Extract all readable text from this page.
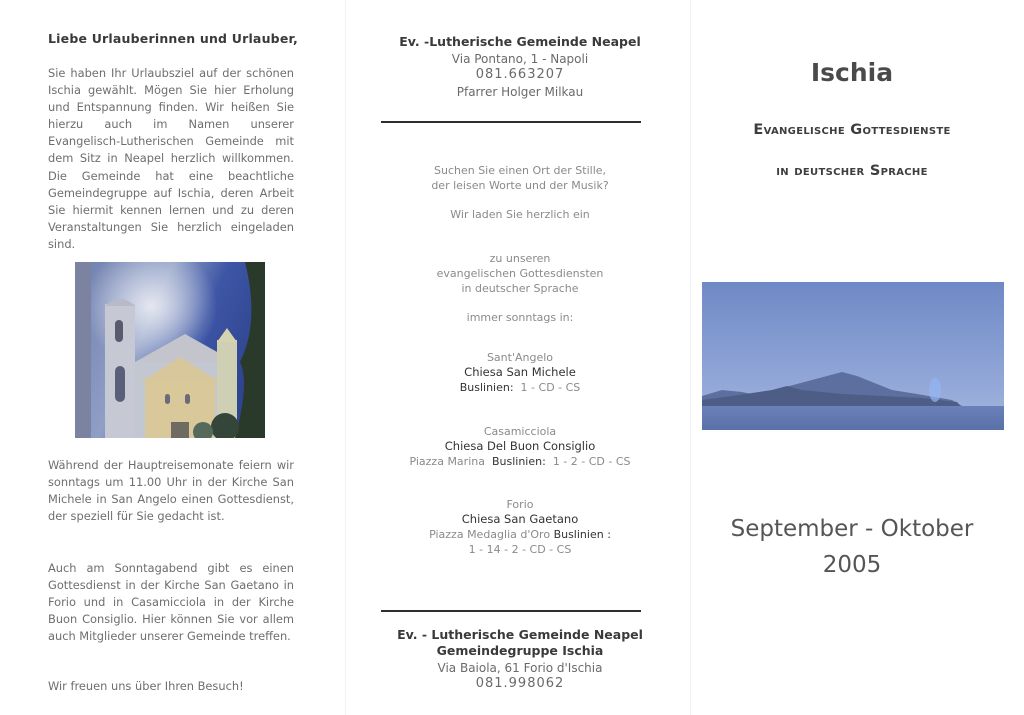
Liebe Urlauberinnen und Urlauber,
Sie haben Ihr Urlaubsziel auf der schönen Ischia gewählt. Mögen Sie hier Erholung und Entspannung finden. Wir heißen Sie hierzu auch im Namen unserer Evangelisch-Lutherischen Gemeinde mit dem Sitz in Neapel herzlich willkommen. Die Gemeinde hat eine beachtliche Gemeindegruppe auf Ischia, deren Arbeit Sie hiermit kennen lernen und zu deren Veranstaltungen Sie herzlich eingeladen sind.
Während der Hauptreisemonate feiern wir sonntags um 11.00 Uhr in der Kirche San Michele in San Angelo einen Gottesdienst, der speziell für Sie gedacht ist.
Auch am Sonntagabend gibt es einen Gottesdienst in der Kirche San Gaetano in Forio und in Casamicciola in der Kirche Buon Consiglio. Hier können Sie vor allem auch Mitglieder unserer Gemeinde treffen.
Wir freuen uns über Ihren Besuch!
Ev. -Lutherische Gemeinde Neapel
Via Pontano, 1 - Napoli
081.663207
Pfarrer Holger Milkau
Suchen Sie einen Ort der Stille,
der leisen Worte und der Musik?
Wir laden Sie herzlich ein
zu unseren
evangelischen Gottesdiensten
in deutscher Sprache
immer sonntags in:
Sant'Angelo
Chiesa San Michele
Buslinien: 1 - CD - CS
Casamicciola
Chiesa Del Buon Consiglio
Piazza Marina Buslinien: 1 - 2 - CD - CS
Forio
Chiesa San Gaetano
Piazza Medaglia d'Oro Buslinien :
1 - 14 - 2 - CD - CS
Ev. - Lutherische Gemeinde Neapel
Gemeindegruppe Ischia
Via Baiola, 61 Forio d'Ischia
081.998062
Ischia
Evangelische Gottesdienste
in deutscher Sprache
September - Oktober
2005
